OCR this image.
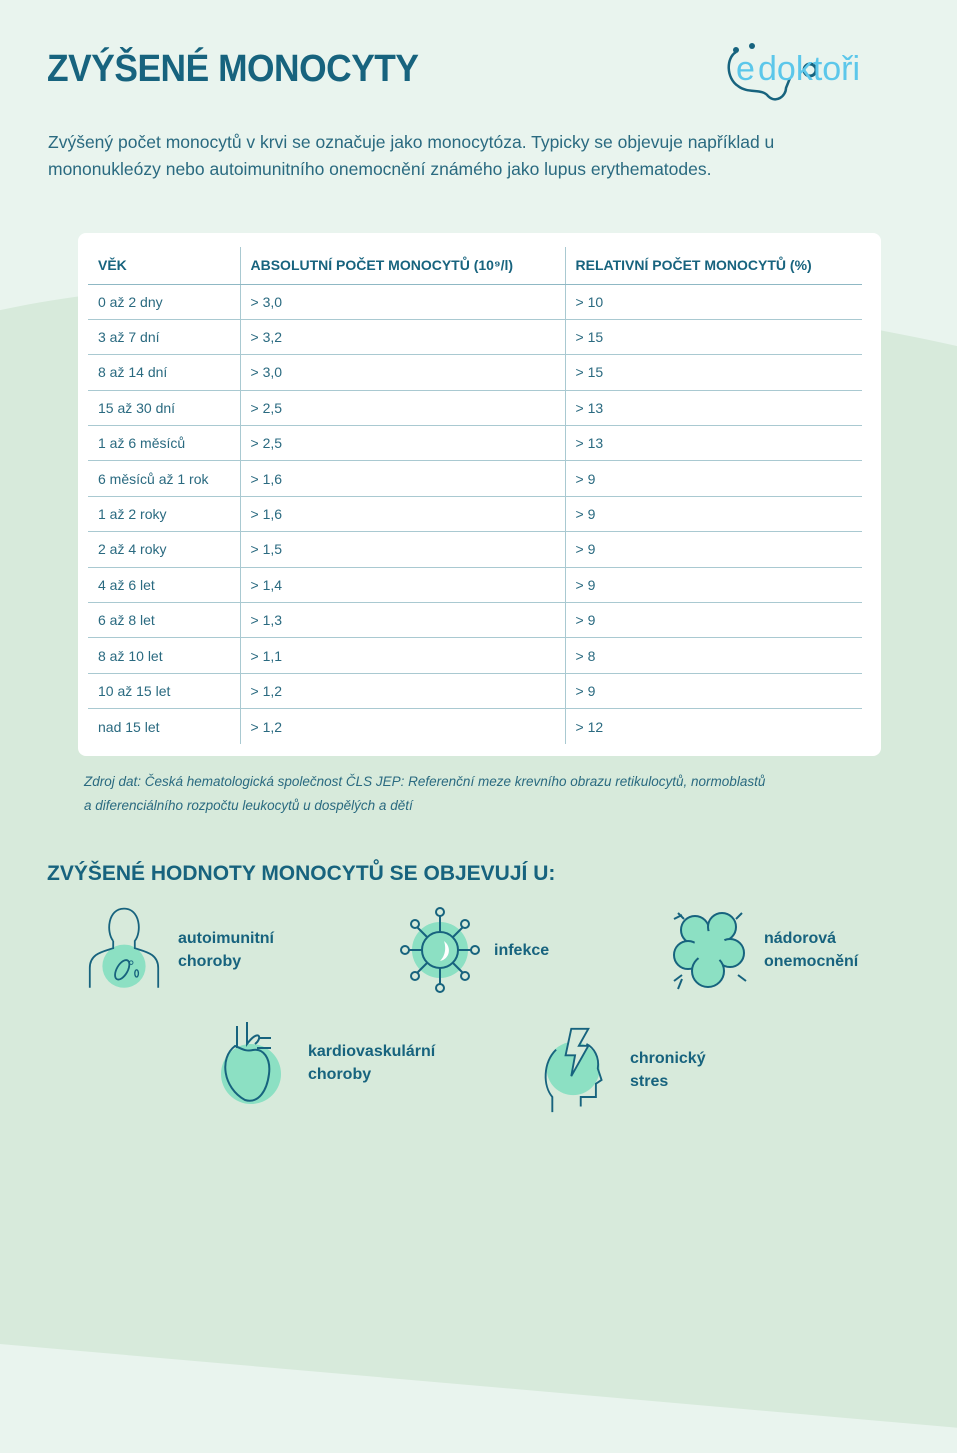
ZVÝŠENÉ MONOCYTY	e doktoři

Zvýšený počet monocytů v krvi se označuje jako monocytóza. Typicky se objevuje například u mononukleózy nebo autoimunitního onemocnění známého jako lupus erythematodes.

VĚK	ABSOLUTNÍ POČET MONOCYTŮ (10⁹/l)	RELATIVNÍ POČET MONOCYTŮ (%)
0 až 2 dny	> 3,0	> 10
3 až 7 dní	> 3,2	> 15
8 až 14 dní	> 3,0	> 15
15 až 30 dní	> 2,5	> 13
1 až 6 měsíců	> 2,5	> 13
6 měsíců až 1 rok	> 1,6	> 9
1 až 2 roky	> 1,6	> 9
2 až 4 roky	> 1,5	> 9
4 až 6 let	> 1,4	> 9
6 až 8 let	> 1,3	> 9
8 až 10 let	> 1,1	> 8
10 až 15 let	> 1,2	> 9
nad 15 let	> 1,2	> 12
Zdroj dat: Česká hematologická společnost ČLS JEP: Referenční meze krevního obrazu retikulocytů, normoblastů
a diferenciálního rozpočtu leukocytů u dospělých a dětí
ZVÝŠENÉ HODNOTY MONOCYTŮ SE OBJEVUJÍ U:
autoimunitní
choroby
infekce
nádorová
onemocnění
kardiovaskulární
choroby
chronický
stres
